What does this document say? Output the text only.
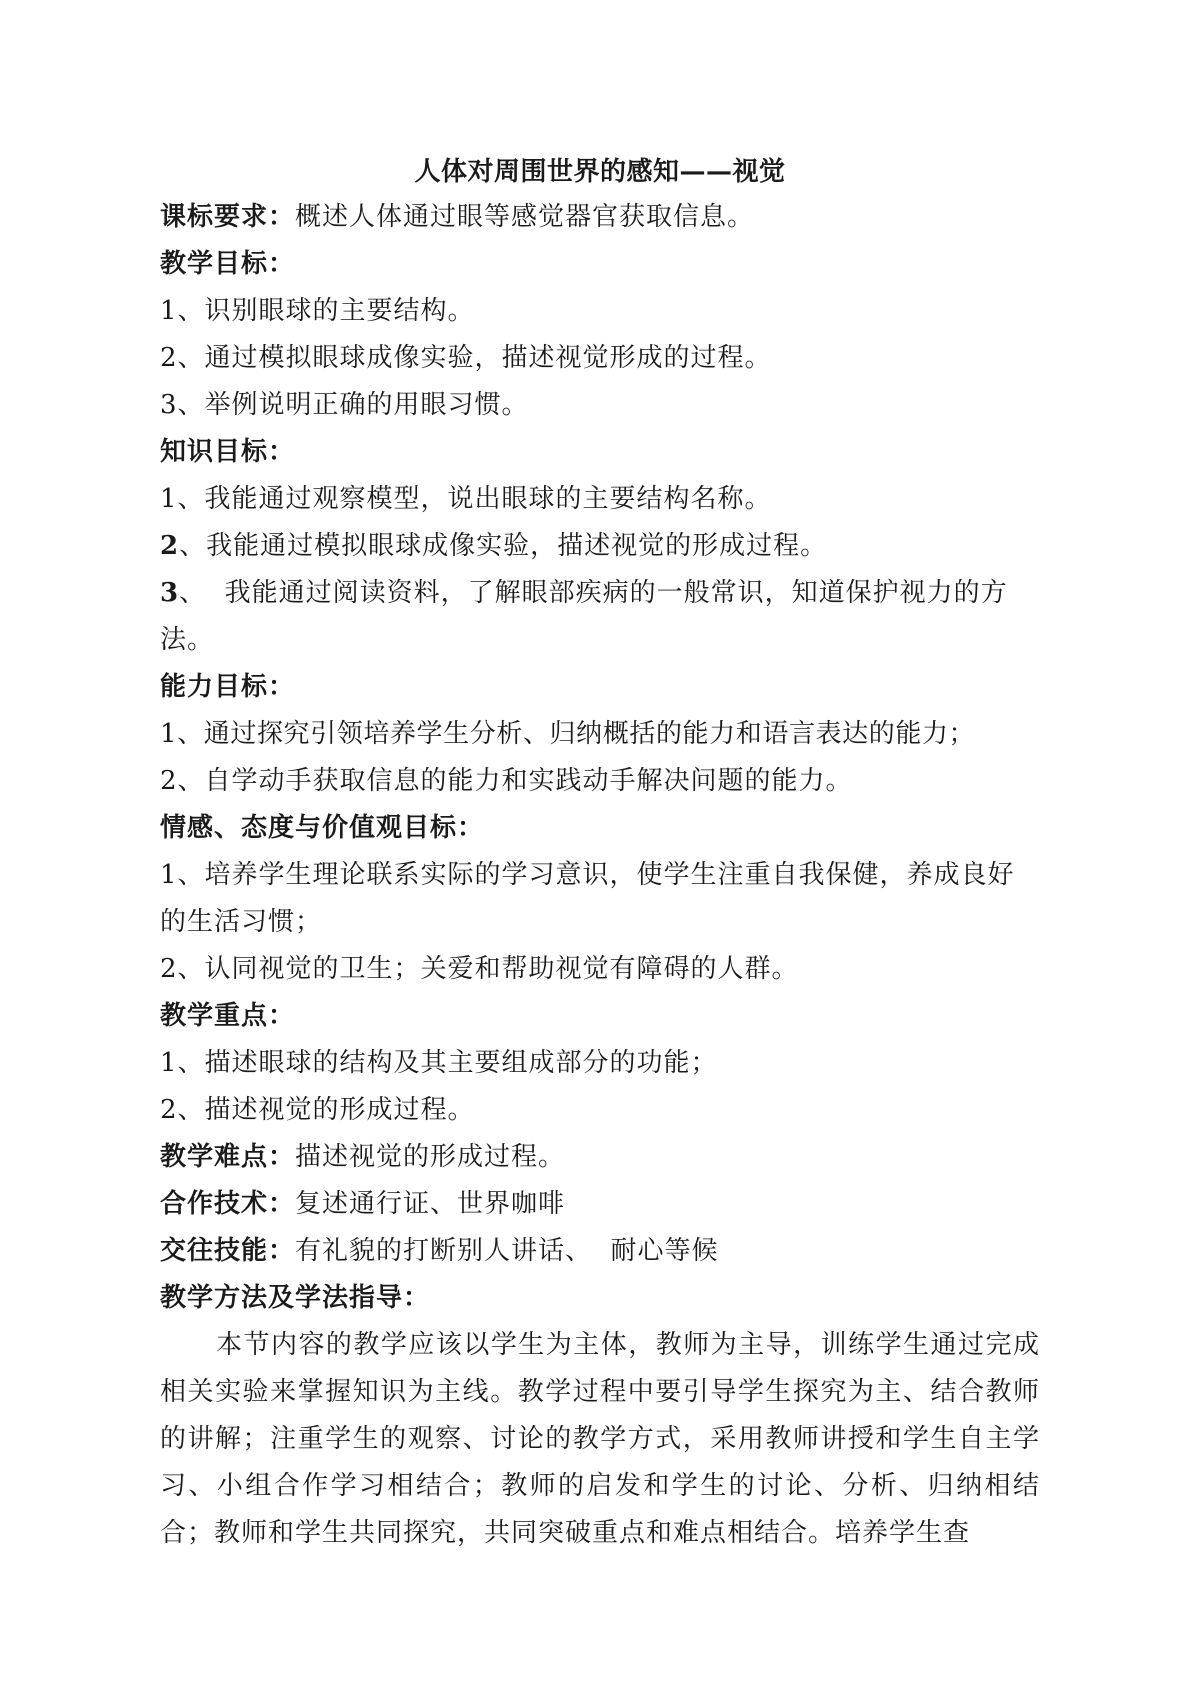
人体对周围世界的感知——视觉

课标要求：概述人体通过眼等感觉器官获取信息。

教学目标：

1、识别眼球的主要结构。

2、通过模拟眼球成像实验，描述视觉形成的过程。

3、举例说明正确的用眼习惯。

知识目标：

1、我能通过观察模型，说出眼球的主要结构名称。

2、我能通过模拟眼球成像实验，描述视觉的形成过程。

3、  我能通过阅读资料，了解眼部疾病的一般常识，知道保护视力的方法。

能力目标：

1、通过探究引领培养学生分析、归纳概括的能力和语言表达的能力；

2、自学动手获取信息的能力和实践动手解决问题的能力。

情感、态度与价值观目标：

1、培养学生理论联系实际的学习意识，使学生注重自我保健，养成良好的生活习惯；

2、认同视觉的卫生；关爱和帮助视觉有障碍的人群。

教学重点：

1、描述眼球的结构及其主要组成部分的功能；

2、描述视觉的形成过程。

教学难点：描述视觉的形成过程。

合作技术：复述通行证、世界咖啡

交往技能：有礼貌的打断别人讲话、  耐心等候

教学方法及学法指导：

本节内容的教学应该以学生为主体，教师为主导，训练学生通过完成相关实验来掌握知识为主线。教学过程中要引导学生探究为主、结合教师的讲解；注重学生的观察、讨论的教学方式，采用教师讲授和学生自主学习、小组合作学习相结合；教师的启发和学生的讨论、分析、归纳相结合；教师和学生共同探究，共同突破重点和难点相结合。培养学生查
